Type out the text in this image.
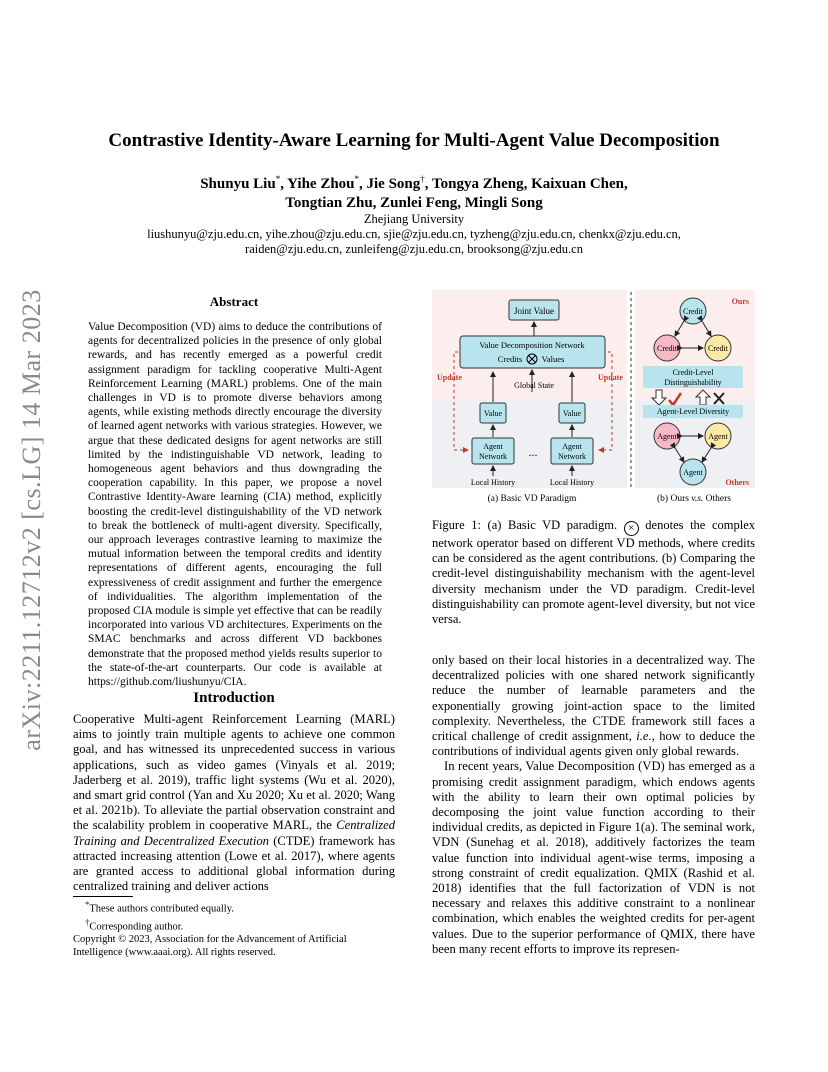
arXiv:2211.12712v2 [cs.LG] 14 Mar 2023
Contrastive Identity-Aware Learning for Multi-Agent Value Decomposition
Shunyu Liu*, Yihe Zhou*, Jie Song†, Tongya Zheng, Kaixuan Chen,
Tongtian Zhu, Zunlei Feng, Mingli Song
Zhejiang University
liushunyu@zju.edu.cn, yihe.zhou@zju.edu.cn, sjie@zju.edu.cn, tyzheng@zju.edu.cn, chenkx@zju.edu.cn,
raiden@zju.edu.cn, zunleifeng@zju.edu.cn, brooksong@zju.edu.cn
Abstract
Value Decomposition (VD) aims to deduce the contributions of agents for decentralized policies in the presence of only global rewards, and has recently emerged as a powerful credit assignment paradigm for tackling cooperative Multi-Agent Reinforcement Learning (MARL) problems. One of the main challenges in VD is to promote diverse behaviors among agents, while existing methods directly encourage the diversity of learned agent networks with various strategies. However, we argue that these dedicated designs for agent networks are still limited by the indistinguishable VD network, leading to homogeneous agent behaviors and thus downgrading the cooperation capability. In this paper, we propose a novel Contrastive Identity-Aware learning (CIA) method, explicitly boosting the credit-level distinguishability of the VD network to break the bottleneck of multi-agent diversity. Specifically, our approach leverages contrastive learning to maximize the mutual information between the temporal credits and identity representations of different agents, encouraging the full expressiveness of credit assignment and further the emergence of individualities. The algorithm implementation of the proposed CIA module is simple yet effective that can be readily incorporated into various VD architectures. Experiments on the SMAC benchmarks and across different VD backbones demonstrate that the proposed method yields results superior to the state-of-the-art counterparts. Our code is available at https://github.com/liushunyu/CIA.
Introduction
Cooperative Multi-agent Reinforcement Learning (MARL) aims to jointly train multiple agents to achieve one common goal, and has witnessed its unprecedented success in various applications, such as video games (Vinyals et al. 2019; Jaderberg et al. 2019), traffic light systems (Wu et al. 2020), and smart grid control (Yan and Xu 2020; Xu et al. 2020; Wang et al. 2021b). To alleviate the partial observation constraint and the scalability problem in cooperative MARL, the Centralized Training and Decentralized Execution (CTDE) framework has attracted increasing attention (Lowe et al. 2017), where agents are granted access to additional global information during centralized training and deliver actions

*These authors contributed equally.

†Corresponding author.

Copyright © 2023, Association for the Advancement of Artificial Intelligence (www.aaai.org). All rights reserved.

Joint Value
Value Decomposition Network
Credits Values
Global State
Update	Update
Value	Value
Agent
Network
Agent
Network
...
Local History	Local History
(a) Basic VD Paradigm
Ours
Credit
Credit	Credit
Credit-Level
Distinguishability
Agent-Level Diversity
Agent	Agent
Agent
Others
(b) Ours v.s. Others
Figure 1: (a) Basic VD paradigm. × denotes the complex network operator based on different VD methods, where credits can be considered as the agent contributions. (b) Comparing the credit-level distinguishability mechanism with the agent-level diversity mechanism under the VD paradigm. Credit-level distinguishability can promote agent-level diversity, but not vice versa.

only based on their local histories in a decentralized way. The decentralized policies with one shared network significantly reduce the number of learnable parameters and the exponentially growing joint-action space to the limited complexity. Nevertheless, the CTDE framework still faces a critical challenge of credit assignment, i.e., how to deduce the contributions of individual agents given only global rewards.

In recent years, Value Decomposition (VD) has emerged as a promising credit assignment paradigm, which endows agents with the ability to learn their own optimal policies by decomposing the joint value function according to their individual credits, as depicted in Figure 1(a). The seminal work, VDN (Sunehag et al. 2018), additively factorizes the team value function into individual agent-wise terms, imposing a strong constraint of credit equalization. QMIX (Rashid et al. 2018) identifies that the full factorization of VDN is not necessary and relaxes this additive constraint to a nonlinear combination, which enables the weighted credits for per-agent values. Due to the superior performance of QMIX, there have been many recent efforts to improve its represen-
